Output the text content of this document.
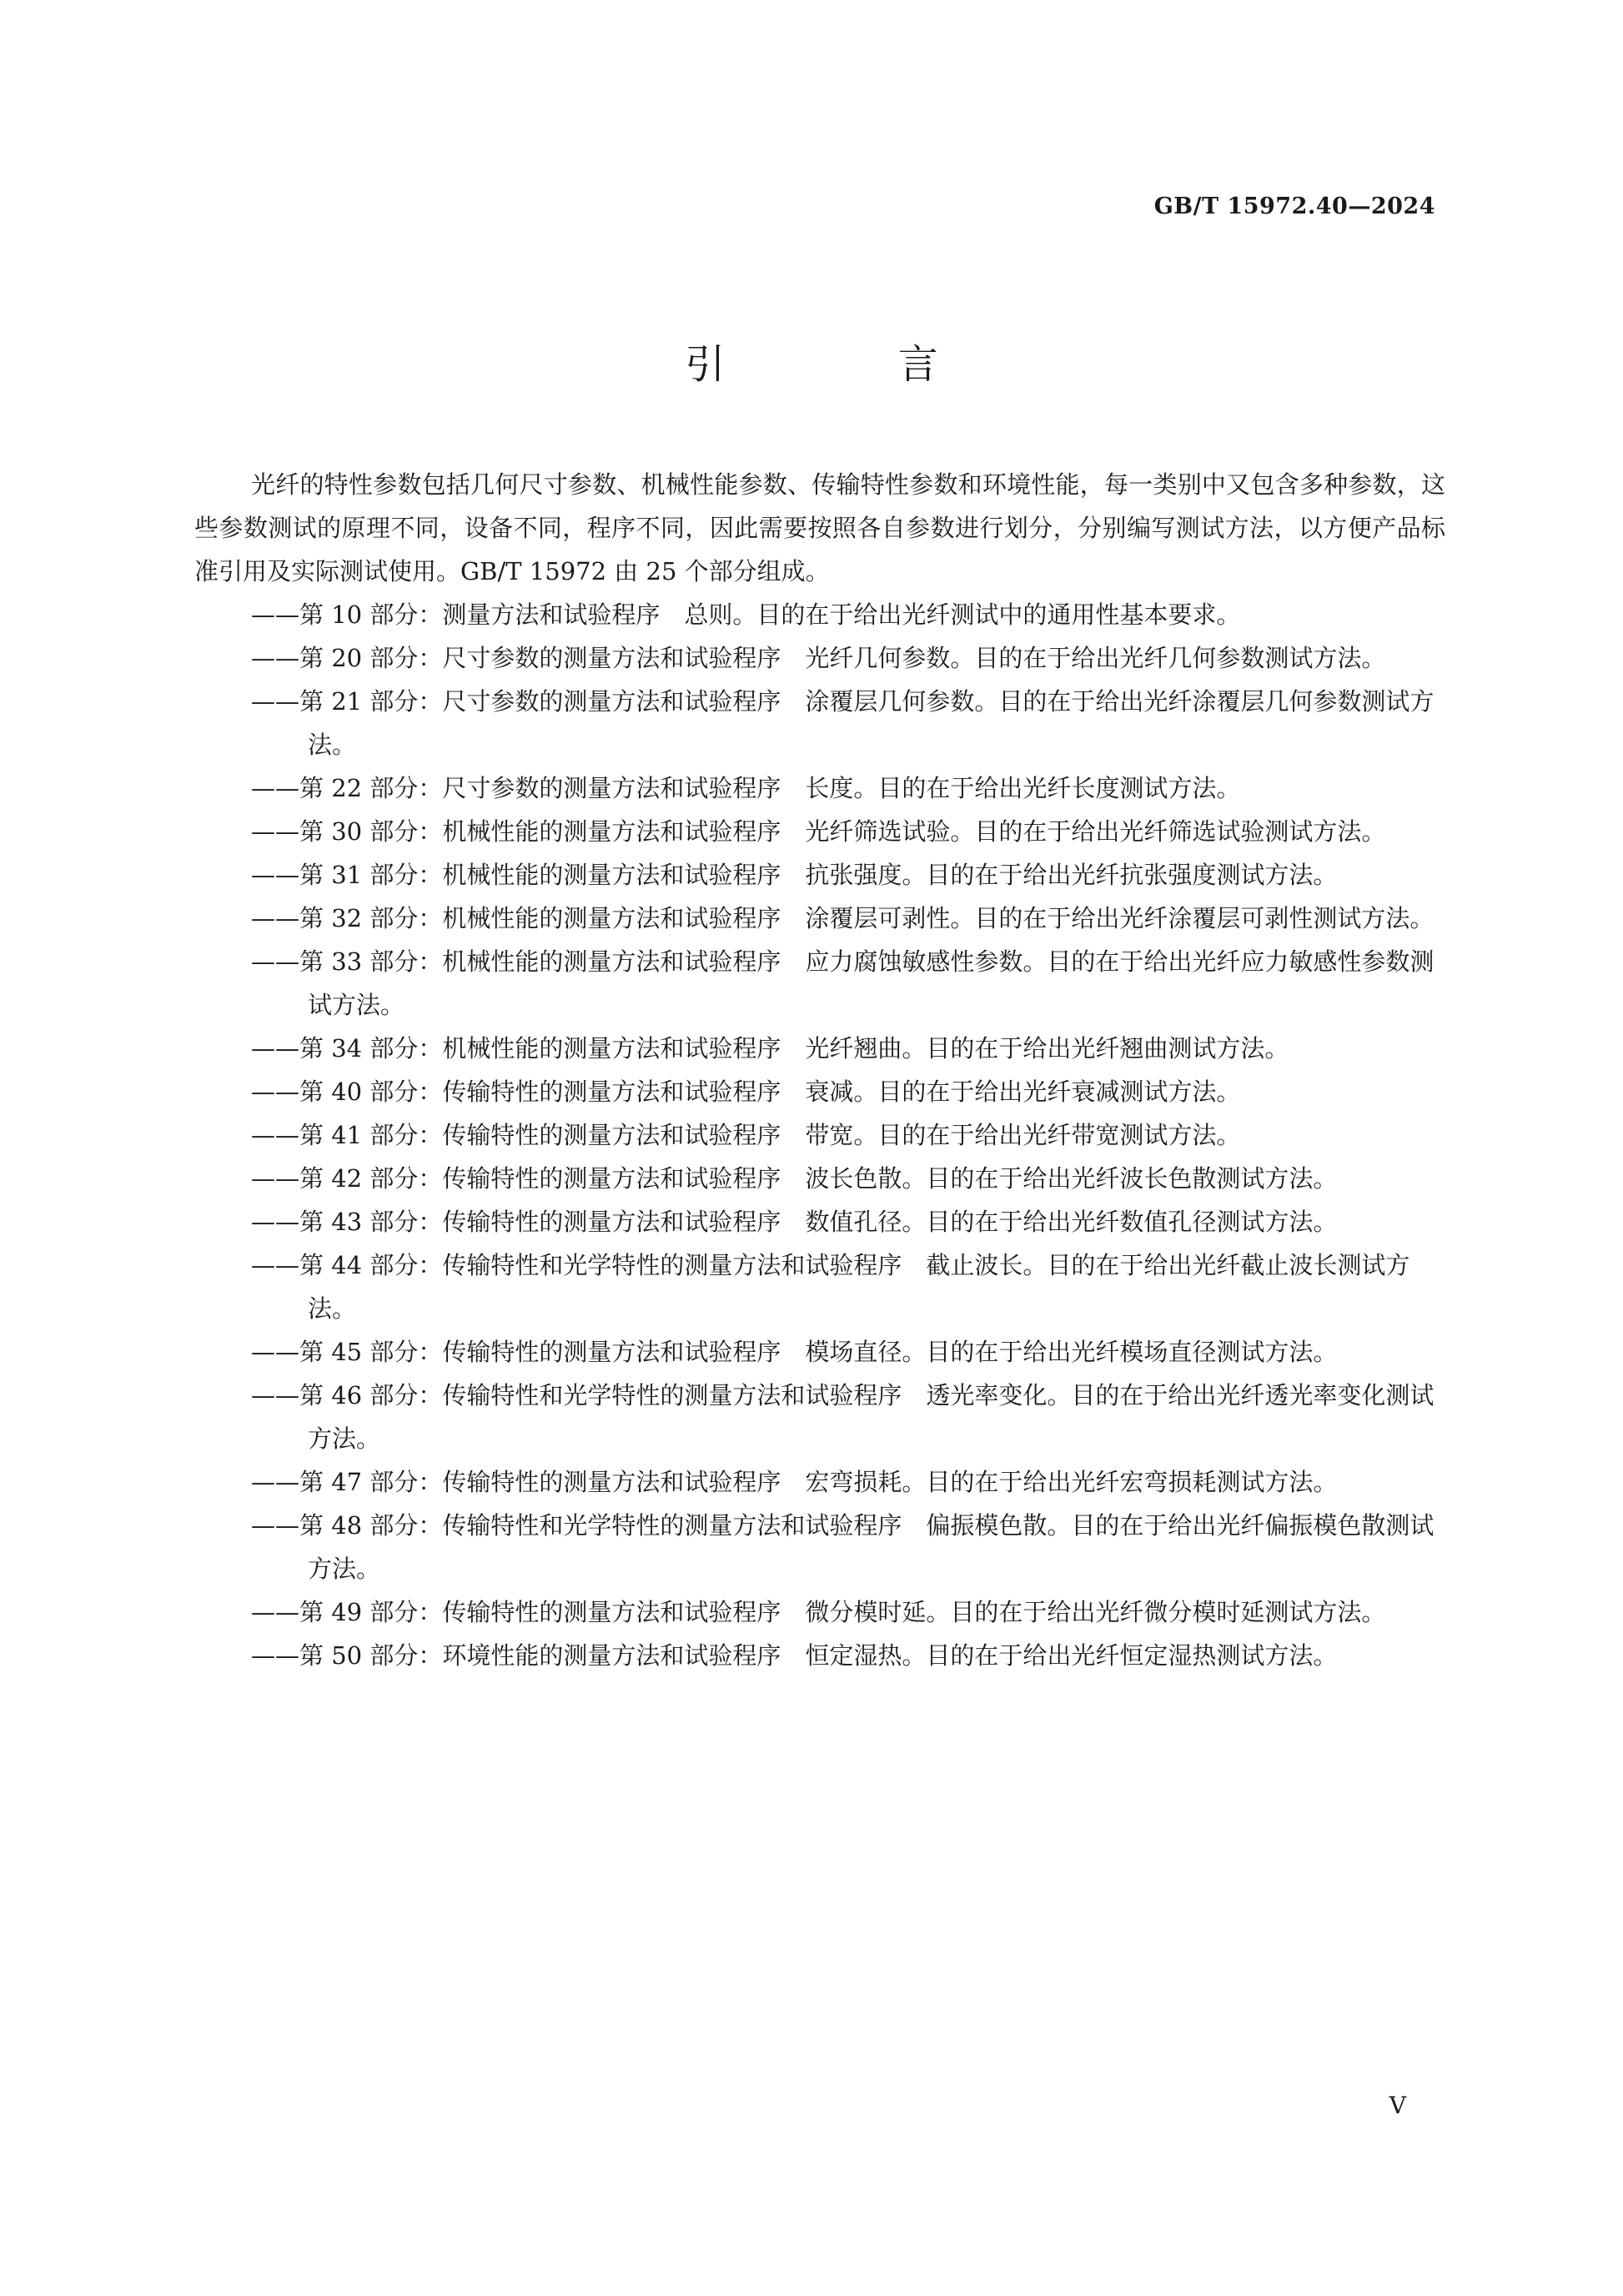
GB/T 15972.40—2024
引 言

光纤的特性参数包括几何尺寸参数、机械性能参数、传输特性参数和环境性能，每一类别中又包含多种参数，这些参数测试的原理不同，设备不同，程序不同，因此需要按照各自参数进行划分，分别编写测试方法，以方便产品标准引用及实际测试使用。GB/T 15972 由 25 个部分组成。

——第 10 部分：测量方法和试验程序　总则。目的在于给出光纤测试中的通用性基本要求。

——第 20 部分：尺寸参数的测量方法和试验程序　光纤几何参数。目的在于给出光纤几何参数测试方法。

——第 21 部分：尺寸参数的测量方法和试验程序　涂覆层几何参数。目的在于给出光纤涂覆层几何参数测试方法。

——第 22 部分：尺寸参数的测量方法和试验程序　长度。目的在于给出光纤长度测试方法。

——第 30 部分：机械性能的测量方法和试验程序　光纤筛选试验。目的在于给出光纤筛选试验测试方法。

——第 31 部分：机械性能的测量方法和试验程序　抗张强度。目的在于给出光纤抗张强度测试方法。

——第 32 部分：机械性能的测量方法和试验程序　涂覆层可剥性。目的在于给出光纤涂覆层可剥性测试方法。

——第 33 部分：机械性能的测量方法和试验程序　应力腐蚀敏感性参数。目的在于给出光纤应力敏感性参数测试方法。

——第 34 部分：机械性能的测量方法和试验程序　光纤翘曲。目的在于给出光纤翘曲测试方法。

——第 40 部分：传输特性的测量方法和试验程序　衰减。目的在于给出光纤衰减测试方法。

——第 41 部分：传输特性的测量方法和试验程序　带宽。目的在于给出光纤带宽测试方法。

——第 42 部分：传输特性的测量方法和试验程序　波长色散。目的在于给出光纤波长色散测试方法。

——第 43 部分：传输特性的测量方法和试验程序　数值孔径。目的在于给出光纤数值孔径测试方法。

——第 44 部分：传输特性和光学特性的测量方法和试验程序　截止波长。目的在于给出光纤截止波长测试方法。

——第 45 部分：传输特性的测量方法和试验程序　模场直径。目的在于给出光纤模场直径测试方法。

——第 46 部分：传输特性和光学特性的测量方法和试验程序　透光率变化。目的在于给出光纤透光率变化测试方法。

——第 47 部分：传输特性的测量方法和试验程序　宏弯损耗。目的在于给出光纤宏弯损耗测试方法。

——第 48 部分：传输特性和光学特性的测量方法和试验程序　偏振模色散。目的在于给出光纤偏振模色散测试方法。

——第 49 部分：传输特性的测量方法和试验程序　微分模时延。目的在于给出光纤微分模时延测试方法。

——第 50 部分：环境性能的测量方法和试验程序　恒定湿热。目的在于给出光纤恒定湿热测试方法。

V
